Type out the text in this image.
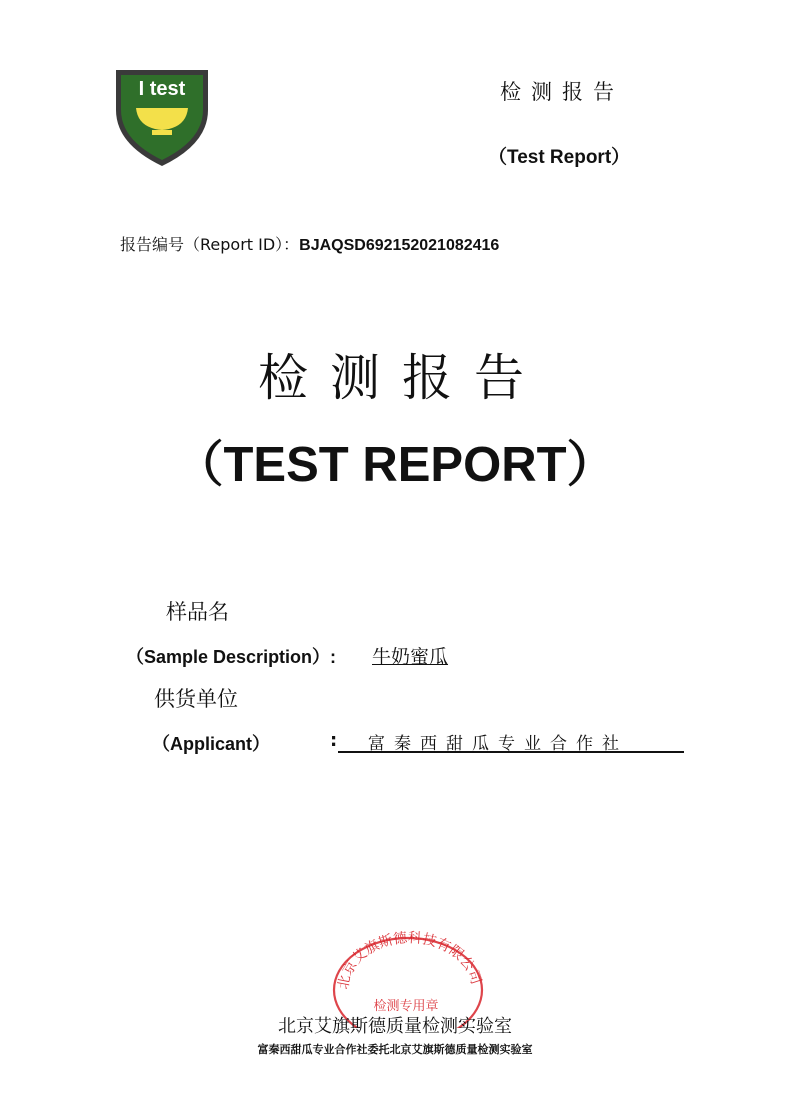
I test	检测报告
（Test Report）
报告编号（Report ID）：BJAQSD692152021082416
检测报告
（TEST REPORT）
样品名
（Sample Description）: 牛奶蜜瓜
供货单位
（Applicant）	:	富秦西甜瓜专业合作社
北京艾旗斯德科技有限公司
检测专用章
北京艾旗斯德质量检测实验室
富秦西甜瓜专业合作社委托北京艾旗斯德质量检测实验室
